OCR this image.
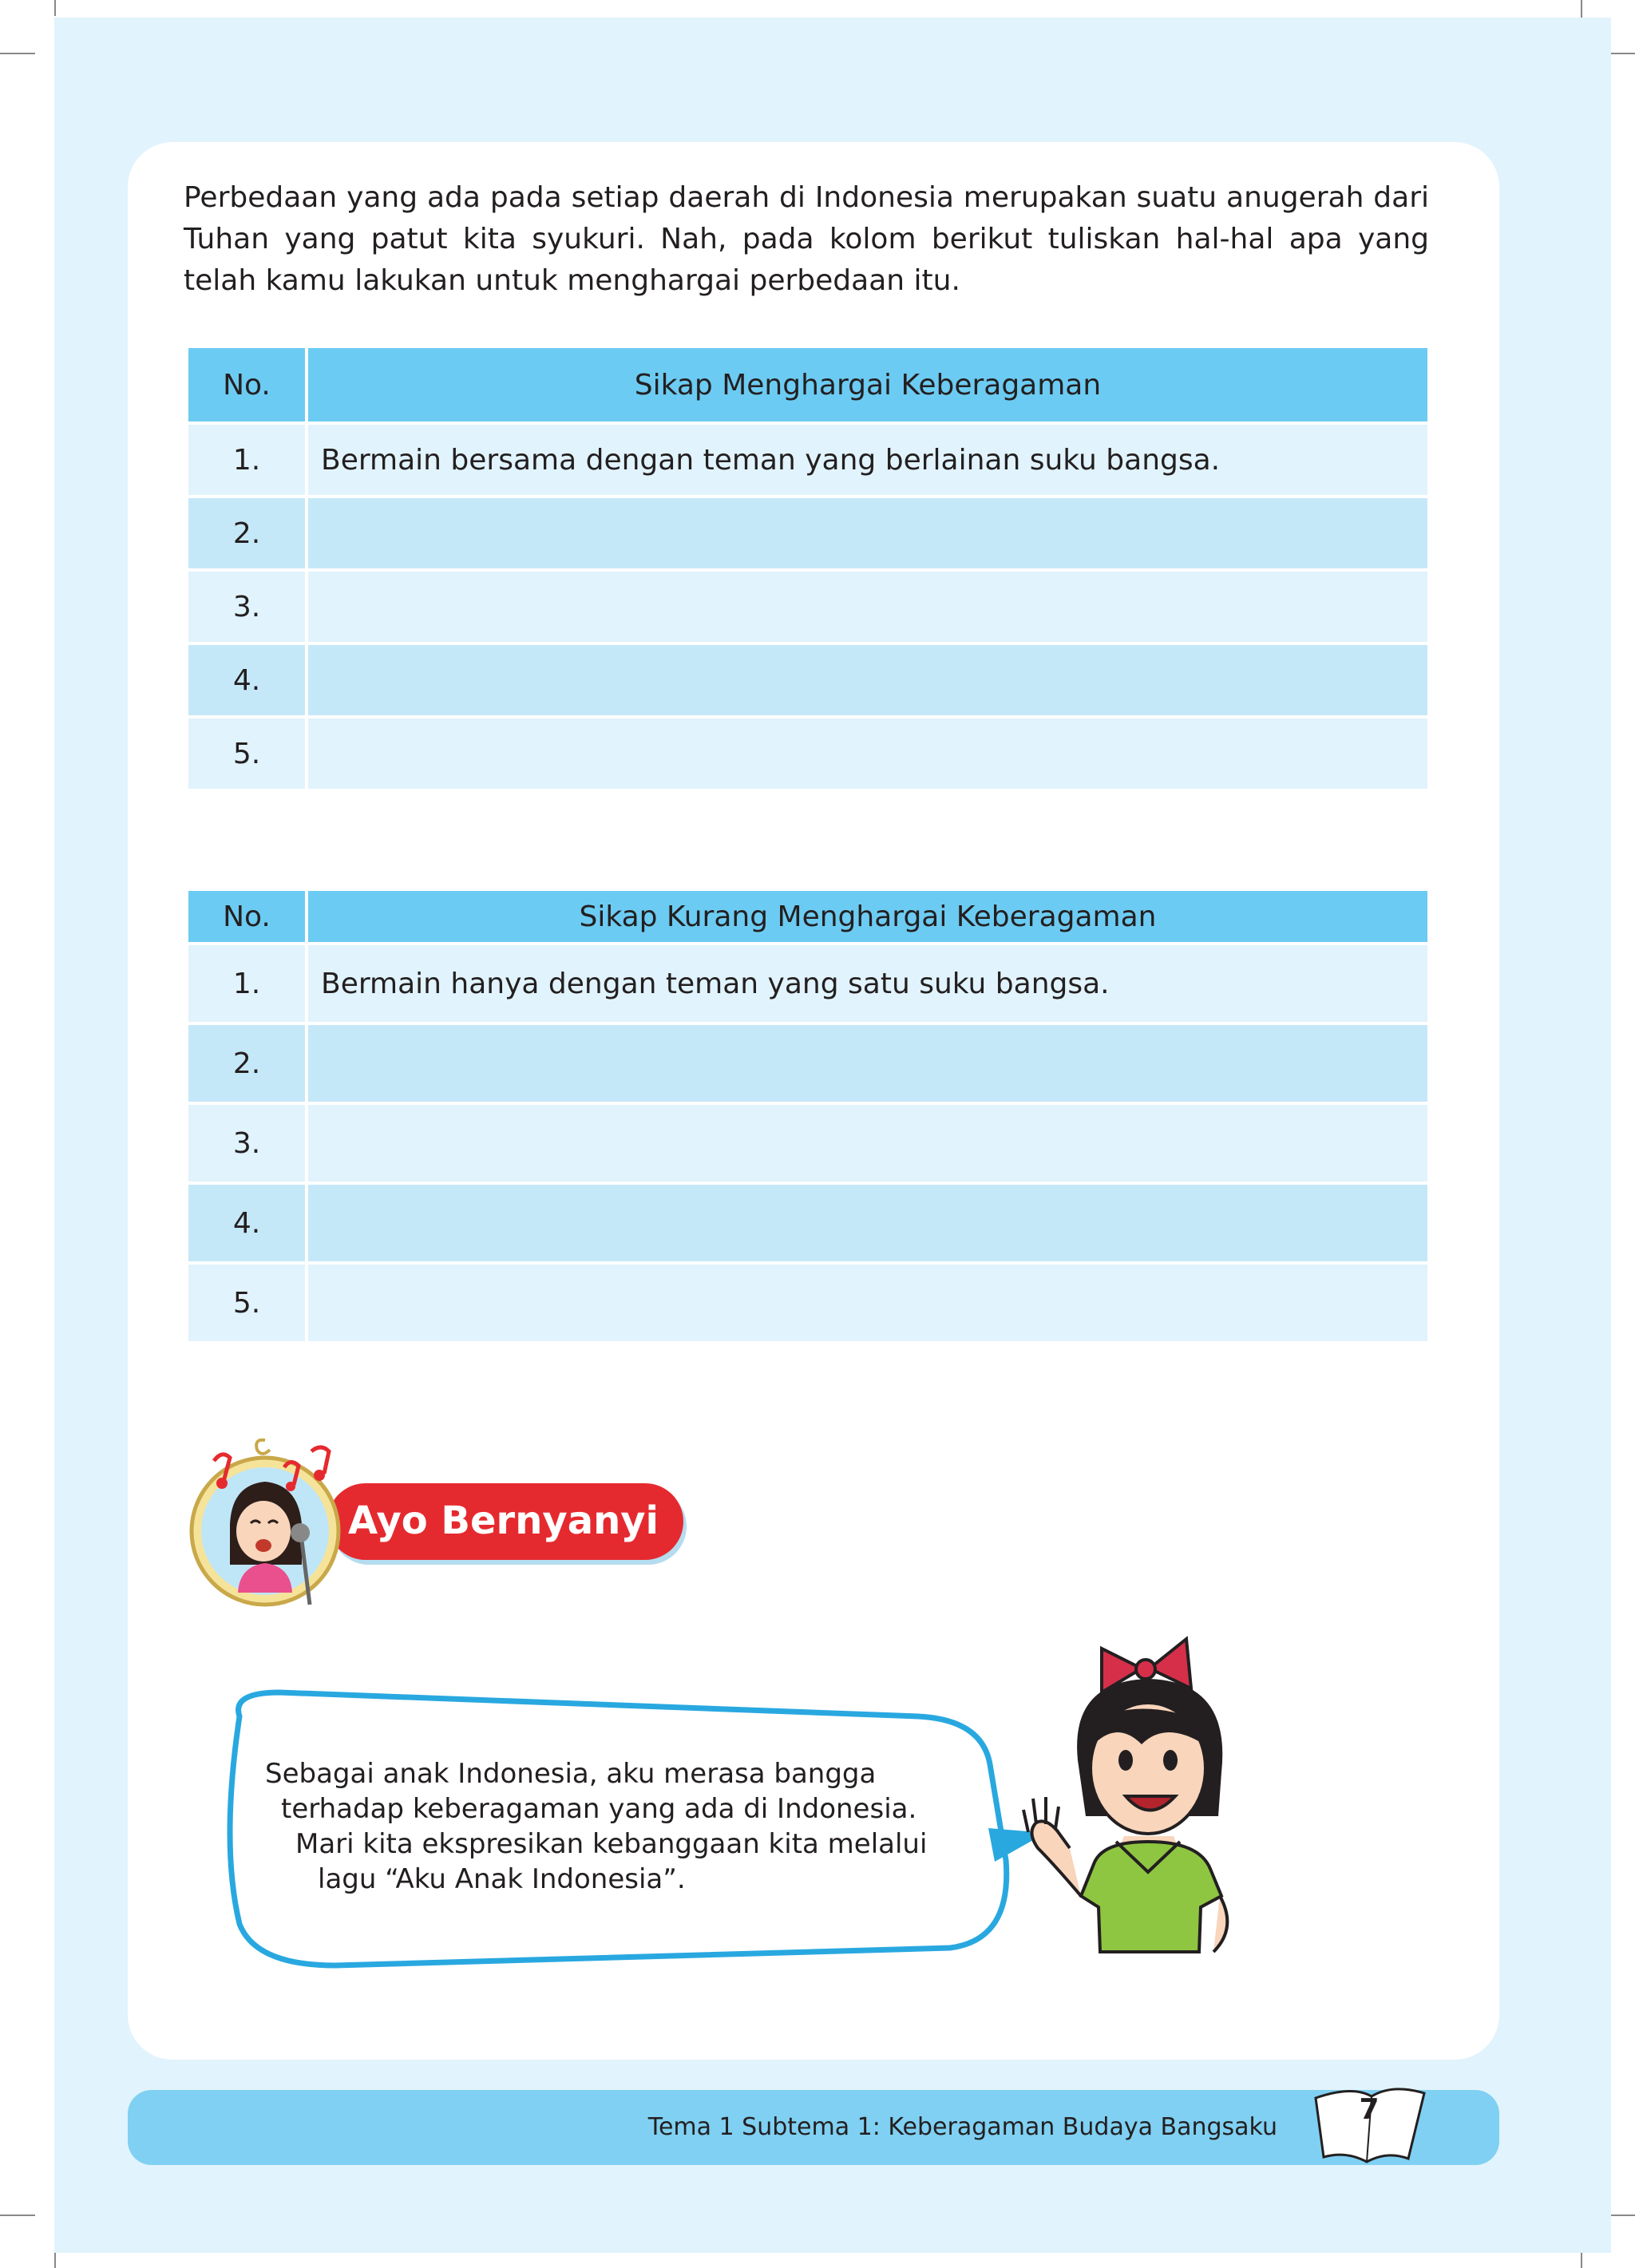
Perbedaan yang ada pada setiap daerah di Indonesia merupakan suatu anugerah dari Tuhan yang patut kita syukuri. Nah, pada kolom berikut tuliskan hal-hal apa yang telah kamu lakukan untuk menghargai perbedaan itu.

No.	Sikap Menghargai Keberagaman
1.	Bermain bersama dengan teman yang berlainan suku bangsa.
2.	
3.	
4.	
5.	
No.	Sikap Kurang Menghargai Keberagaman
1.	Bermain hanya dengan teman yang satu suku bangsa.
2.	
3.	
4.	
5.	
Ayo Bernyanyi

Sebagai anak Indonesia, aku merasa bangga
terhadap keberagaman yang ada di Indonesia.
Mari kita ekspresikan kebanggaan kita melalui
lagu “Aku Anak Indonesia”.

Tema 1 Subtema 1: Keberagaman Budaya Bangsaku
7
